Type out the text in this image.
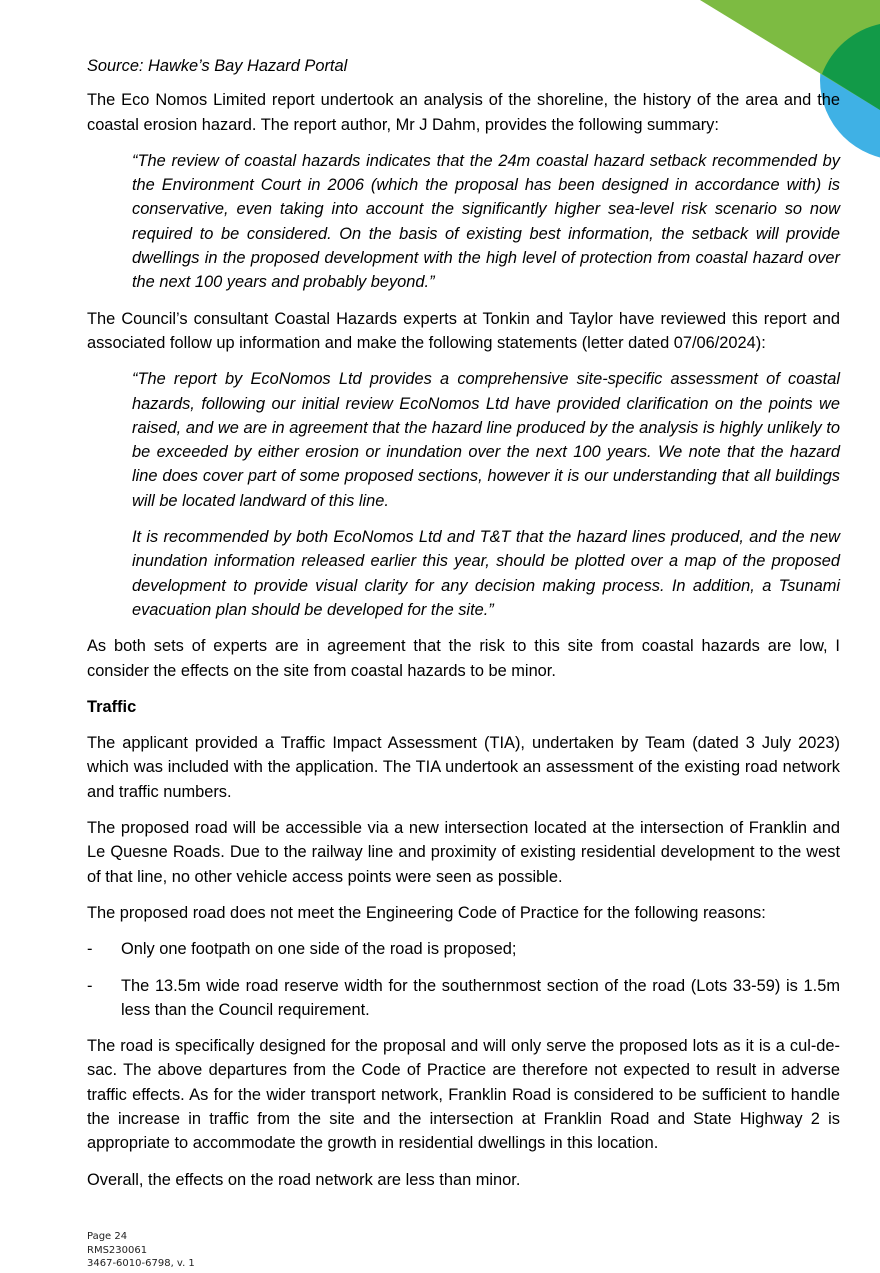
Source: Hawke’s Bay Hazard Portal

The Eco Nomos Limited report undertook an analysis of the shoreline, the history of the area and the coastal erosion hazard. The report author, Mr J Dahm, provides the following summary:

“The review of coastal hazards indicates that the 24m coastal hazard setback recommended by the Environment Court in 2006 (which the proposal has been designed in accordance with) is conservative, even taking into account the significantly higher sea-level risk scenario so now required to be considered. On the basis of existing best information, the setback will provide dwellings in the proposed development with the high level of protection from coastal hazard over the next 100 years and probably beyond.”

The Council’s consultant Coastal Hazards experts at Tonkin and Taylor have reviewed this report and associated follow up information and make the following statements (letter dated 07/06/2024):

“The report by EcoNomos Ltd provides a comprehensive site-specific assessment of coastal hazards, following our initial review EcoNomos Ltd have provided clarification on the points we raised, and we are in agreement that the hazard line produced by the analysis is highly unlikely to be exceeded by either erosion or inundation over the next 100 years. We note that the hazard line does cover part of some proposed sections, however it is our understanding that all buildings will be located landward of this line.

It is recommended by both EcoNomos Ltd and T&T that the hazard lines produced, and the new inundation information released earlier this year, should be plotted over a map of the proposed development to provide visual clarity for any decision making process. In addition, a Tsunami evacuation plan should be developed for the site.”

As both sets of experts are in agreement that the risk to this site from coastal hazards are low, I consider the effects on the site from coastal hazards to be minor.

Traffic

The applicant provided a Traffic Impact Assessment (TIA), undertaken by Team (dated 3 July 2023) which was included with the application. The TIA undertook an assessment of the existing road network and traffic numbers.

The proposed road will be accessible via a new intersection located at the intersection of Franklin and Le Quesne Roads. Due to the railway line and proximity of existing residential development to the west of that line, no other vehicle access points were seen as possible.

The proposed road does not meet the Engineering Code of Practice for the following reasons:

- Only one footpath on one side of the road is proposed;
- The 13.5m wide road reserve width for the southernmost section of the road (Lots 33-59) is 1.5m less than the Council requirement.

The road is specifically designed for the proposal and will only serve the proposed lots as it is a cul-de-sac. The above departures from the Code of Practice are therefore not expected to result in adverse traffic effects. As for the wider transport network, Franklin Road is considered to be sufficient to handle the increase in traffic from the site and the intersection at Franklin Road and State Highway 2 is appropriate to accommodate the growth in residential dwellings in this location.

Overall, the effects on the road network are less than minor.

Page 24
RMS230061
3467-6010-6798, v. 1
